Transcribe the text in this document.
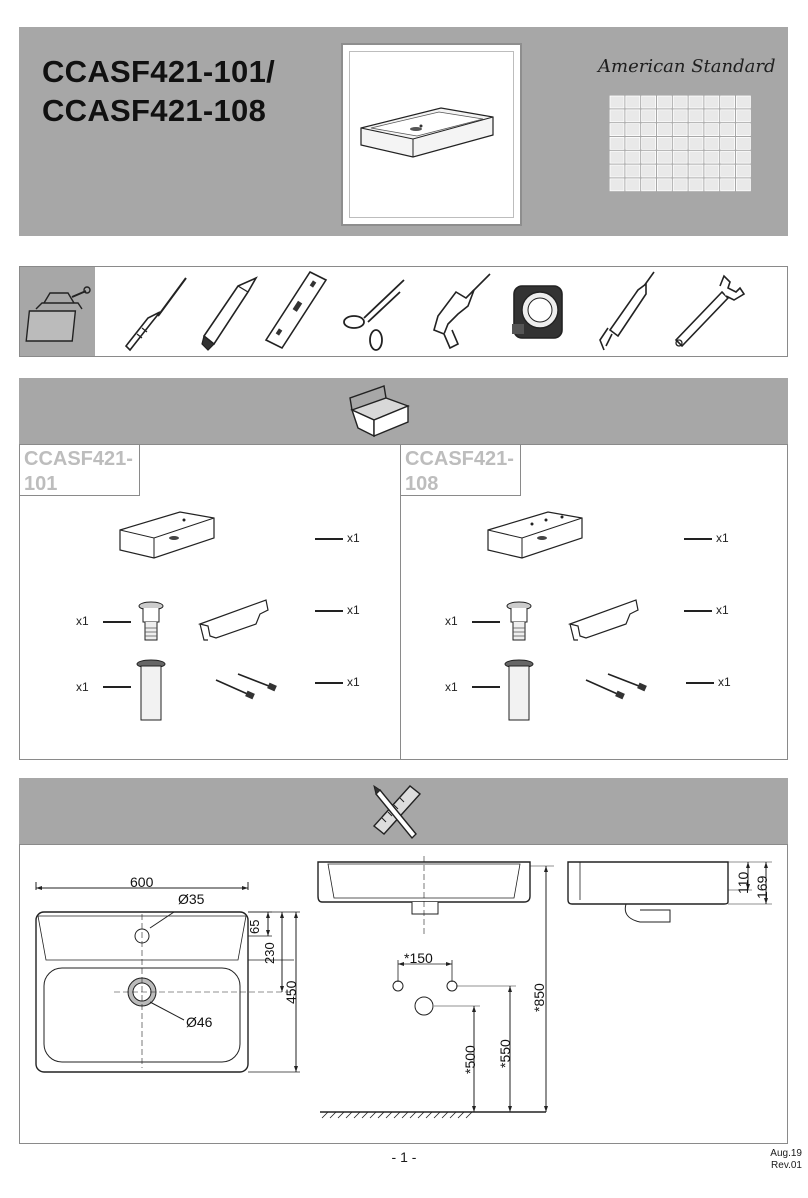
CCASF421-101/
CCASF421-108
American Standard
CCASF421-
101
CCASF421-
108
x1
x1
x1
x1	x1
x1
x1
x1
x1	x1
600
Ø35
Ø46
65
230
450
*150
*500 *550
*850
110 169
- 1 -	Aug.19
Rev.01
